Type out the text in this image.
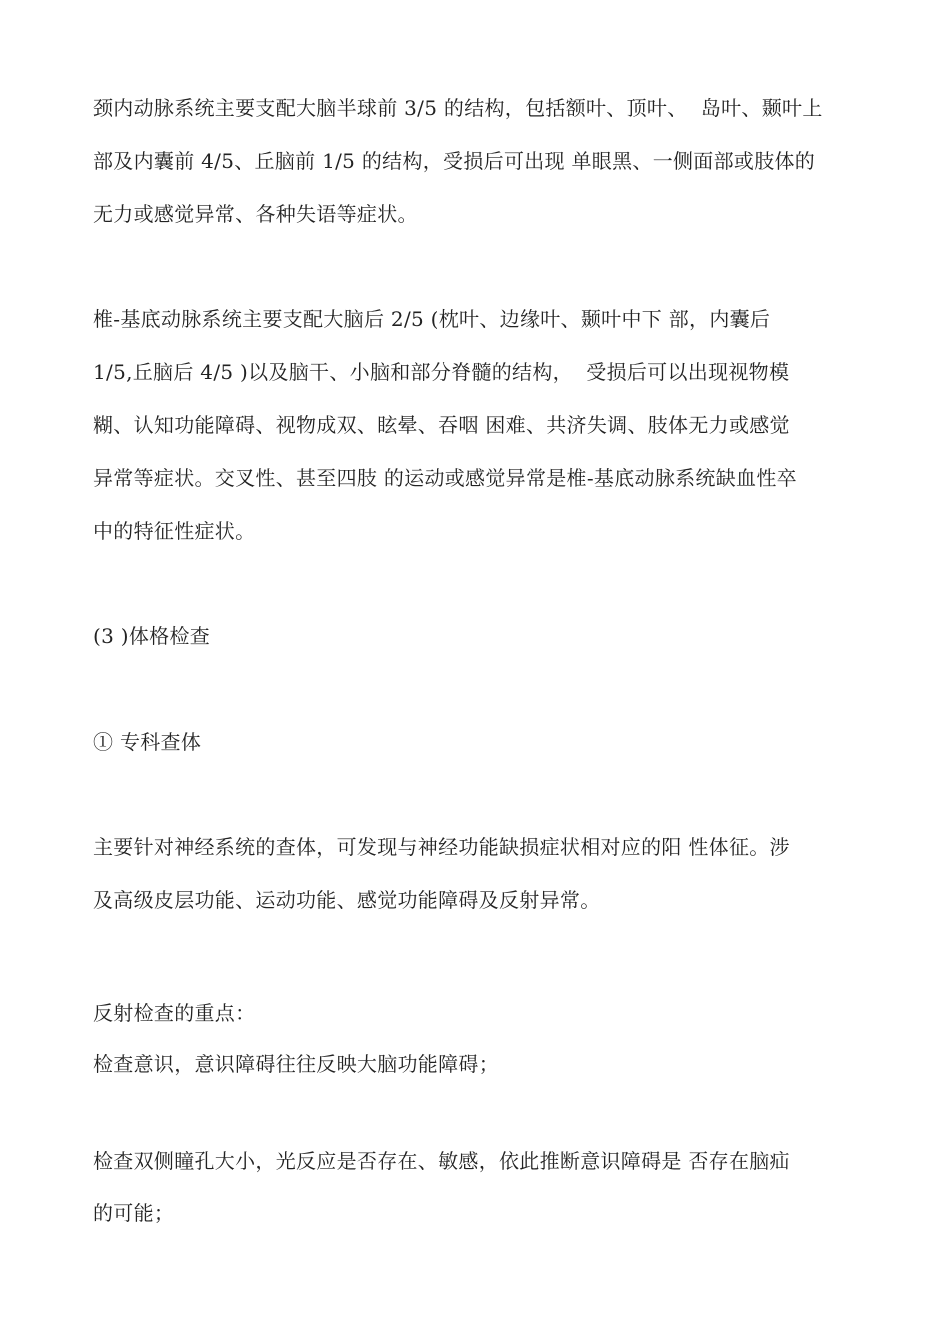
颈内动脉系统主要支配大脑半球前 3/5 的结构，包括额叶、顶叶、  岛叶、颞叶上
部及内囊前 4/5、丘脑前 1/5 的结构，受损后可出现 单眼黑、一侧面部或肢体的
无力或感觉异常、各种失语等症状。
椎-基底动脉系统主要支配大脑后 2/5 (枕叶、边缘叶、颞叶中下 部，内囊后
1/5,丘脑后 4/5 )以及脑干、小脑和部分脊髓的结构，  受损后可以出现视物模
糊、认知功能障碍、视物成双、眩晕、吞咽 困难、共济失调、肢体无力或感觉
异常等症状。交叉性、甚至四肢 的运动或感觉异常是椎-基底动脉系统缺血性卒
中的特征性症状。
(3 )体格检查
① 专科查体
主要针对神经系统的查体，可发现与神经功能缺损症状相对应的阳 性体征。涉
及高级皮层功能、运动功能、感觉功能障碍及反射异常。
反射检查的重点：
检查意识，意识障碍往往反映大脑功能障碍；
检查双侧瞳孔大小，光反应是否存在、敏感，依此推断意识障碍是 否存在脑疝
的可能；
